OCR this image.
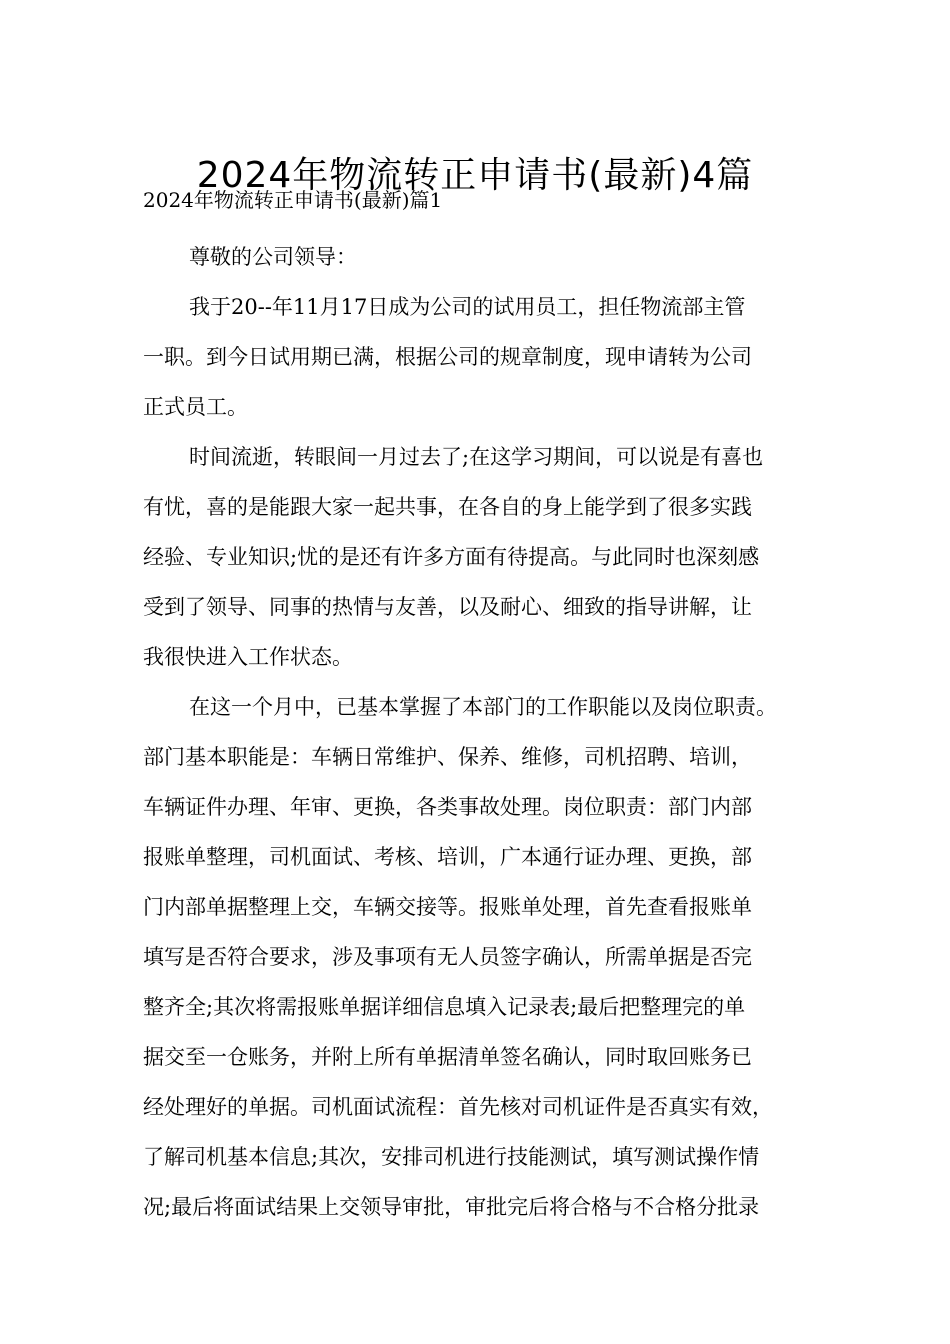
2024年物流转正申请书(最新)4篇
2024年物流转正申请书(最新)篇1
尊敬的公司领导：
我于20--年11月17日成为公司的试用员工，担任物流部主管
一职。到今日试用期已满，根据公司的规章制度，现申请转为公司
正式员工。
时间流逝，转眼间一月过去了;在这学习期间，可以说是有喜也
有忧，喜的是能跟大家一起共事，在各自的身上能学到了很多实践
经验、专业知识;忧的是还有许多方面有待提高。与此同时也深刻感
受到了领导、同事的热情与友善，以及耐心、细致的指导讲解，让
我很快进入工作状态。
在这一个月中，已基本掌握了本部门的工作职能以及岗位职责。
部门基本职能是：车辆日常维护、保养、维修，司机招聘、培训，
车辆证件办理、年审、更换，各类事故处理。岗位职责：部门内部
报账单整理，司机面试、考核、培训，广本通行证办理、更换，部
门内部单据整理上交，车辆交接等。报账单处理，首先查看报账单
填写是否符合要求，涉及事项有无人员签字确认，所需单据是否完
整齐全;其次将需报账单据详细信息填入记录表;最后把整理完的单
据交至一仓账务，并附上所有单据清单签名确认，同时取回账务已
经处理好的单据。司机面试流程：首先核对司机证件是否真实有效，
了解司机基本信息;其次，安排司机进行技能测试，填写测试操作情
况;最后将面试结果上交领导审批，审批完后将合格与不合格分批录
